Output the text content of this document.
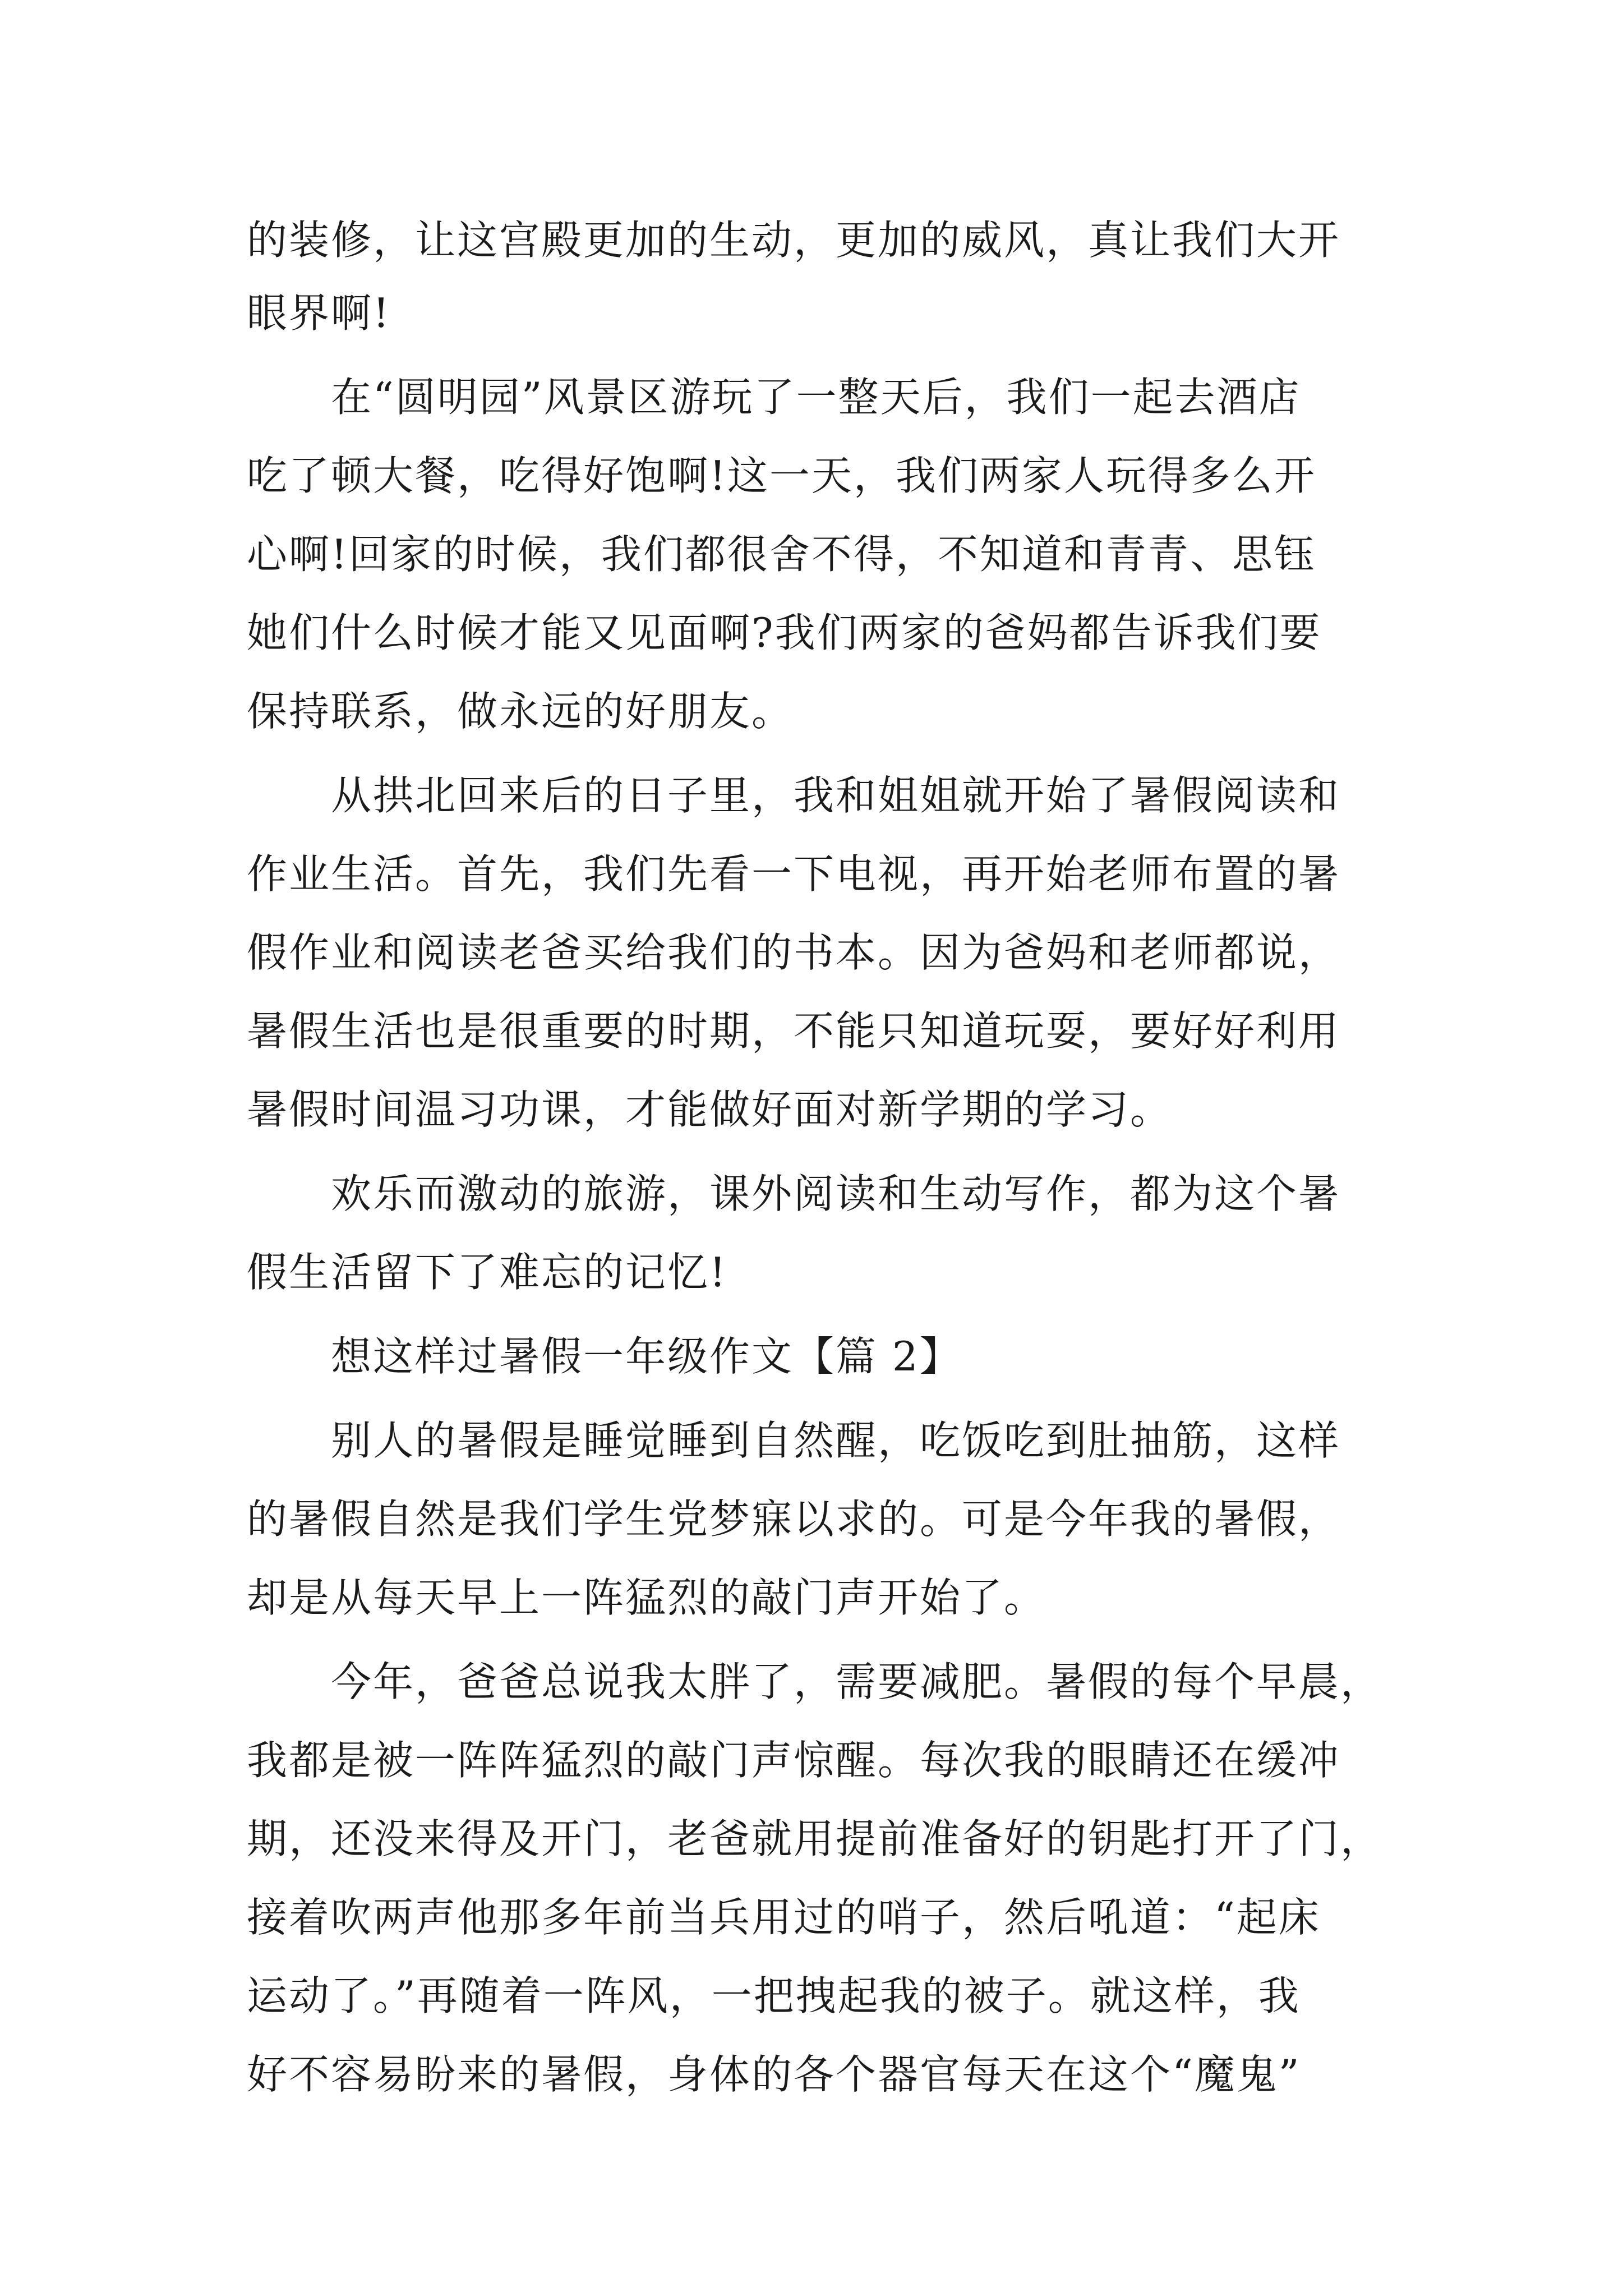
的装修，让这宫殿更加的生动，更加的威风，真让我们大开
眼界啊!
在“圆明园”风景区游玩了一整天后，我们一起去酒店
吃了顿大餐，吃得好饱啊!这一天，我们两家人玩得多么开
心啊!回家的时候，我们都很舍不得，不知道和青青、思钰
她们什么时候才能又见面啊?我们两家的爸妈都告诉我们要
保持联系，做永远的好朋友。
从拱北回来后的日子里，我和姐姐就开始了暑假阅读和
作业生活。首先，我们先看一下电视，再开始老师布置的暑
假作业和阅读老爸买给我们的书本。因为爸妈和老师都说，
暑假生活也是很重要的时期，不能只知道玩耍，要好好利用
暑假时间温习功课，才能做好面对新学期的学习。
欢乐而激动的旅游，课外阅读和生动写作，都为这个暑
假生活留下了难忘的记忆!
想这样过暑假一年级作文【篇 2】
别人的暑假是睡觉睡到自然醒，吃饭吃到肚抽筋，这样
的暑假自然是我们学生党梦寐以求的。可是今年我的暑假，
却是从每天早上一阵猛烈的敲门声开始了。
今年，爸爸总说我太胖了，需要减肥。暑假的每个早晨，
我都是被一阵阵猛烈的敲门声惊醒。每次我的眼睛还在缓冲
期，还没来得及开门，老爸就用提前准备好的钥匙打开了门，
接着吹两声他那多年前当兵用过的哨子，然后吼道：“起床
运动了。”再随着一阵风，一把拽起我的被子。就这样，我
好不容易盼来的暑假，身体的各个器官每天在这个“魔鬼”
